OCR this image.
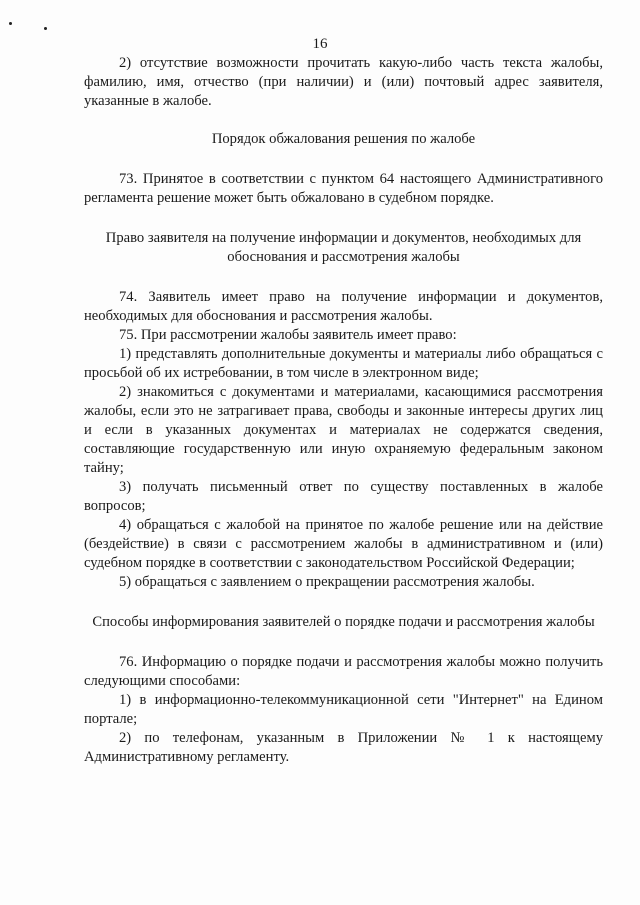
16

2) отсутствие возможности прочитать какую-либо часть текста жалобы, фамилию, имя, отчество (при наличии) и (или) почтовый адрес заявителя, указанные в жалобе.

Порядок обжалования решения по жалобе

73. Принятое в соответствии с пунктом 64 настоящего Административного регламента решение может быть обжаловано в судебном порядке.

Право заявителя на получение информации и документов, необходимых для обоснования и рассмотрения жалобы

74. Заявитель имеет право на получение информации и документов, необходимых для обоснования и рассмотрения жалобы.

75. При рассмотрении жалобы заявитель имеет право:

1) представлять дополнительные документы и материалы либо обращаться с просьбой об их истребовании, в том числе в электронном виде;

2) знакомиться с документами и материалами, касающимися рассмотрения жалобы, если это не затрагивает права, свободы и законные интересы других лиц и если в указанных документах и материалах не содержатся сведения, составляющие государственную или иную охраняемую федеральным законом тайну;

3) получать письменный ответ по существу поставленных в жалобе вопросов;

4) обращаться с жалобой на принятое по жалобе решение или на действие (бездействие) в связи с рассмотрением жалобы в административном и (или) судебном порядке в соответствии с законодательством Российской Федерации;

5) обращаться с заявлением о прекращении рассмотрения жалобы.

Способы информирования заявителей о порядке подачи и рассмотрения жалобы

76. Информацию о порядке подачи и рассмотрения жалобы можно получить следующими способами:

1) в информационно-телекоммуникационной сети "Интернет" на Едином портале;

2) по телефонам, указанным в Приложении № 1 к настоящему Административному регламенту.
